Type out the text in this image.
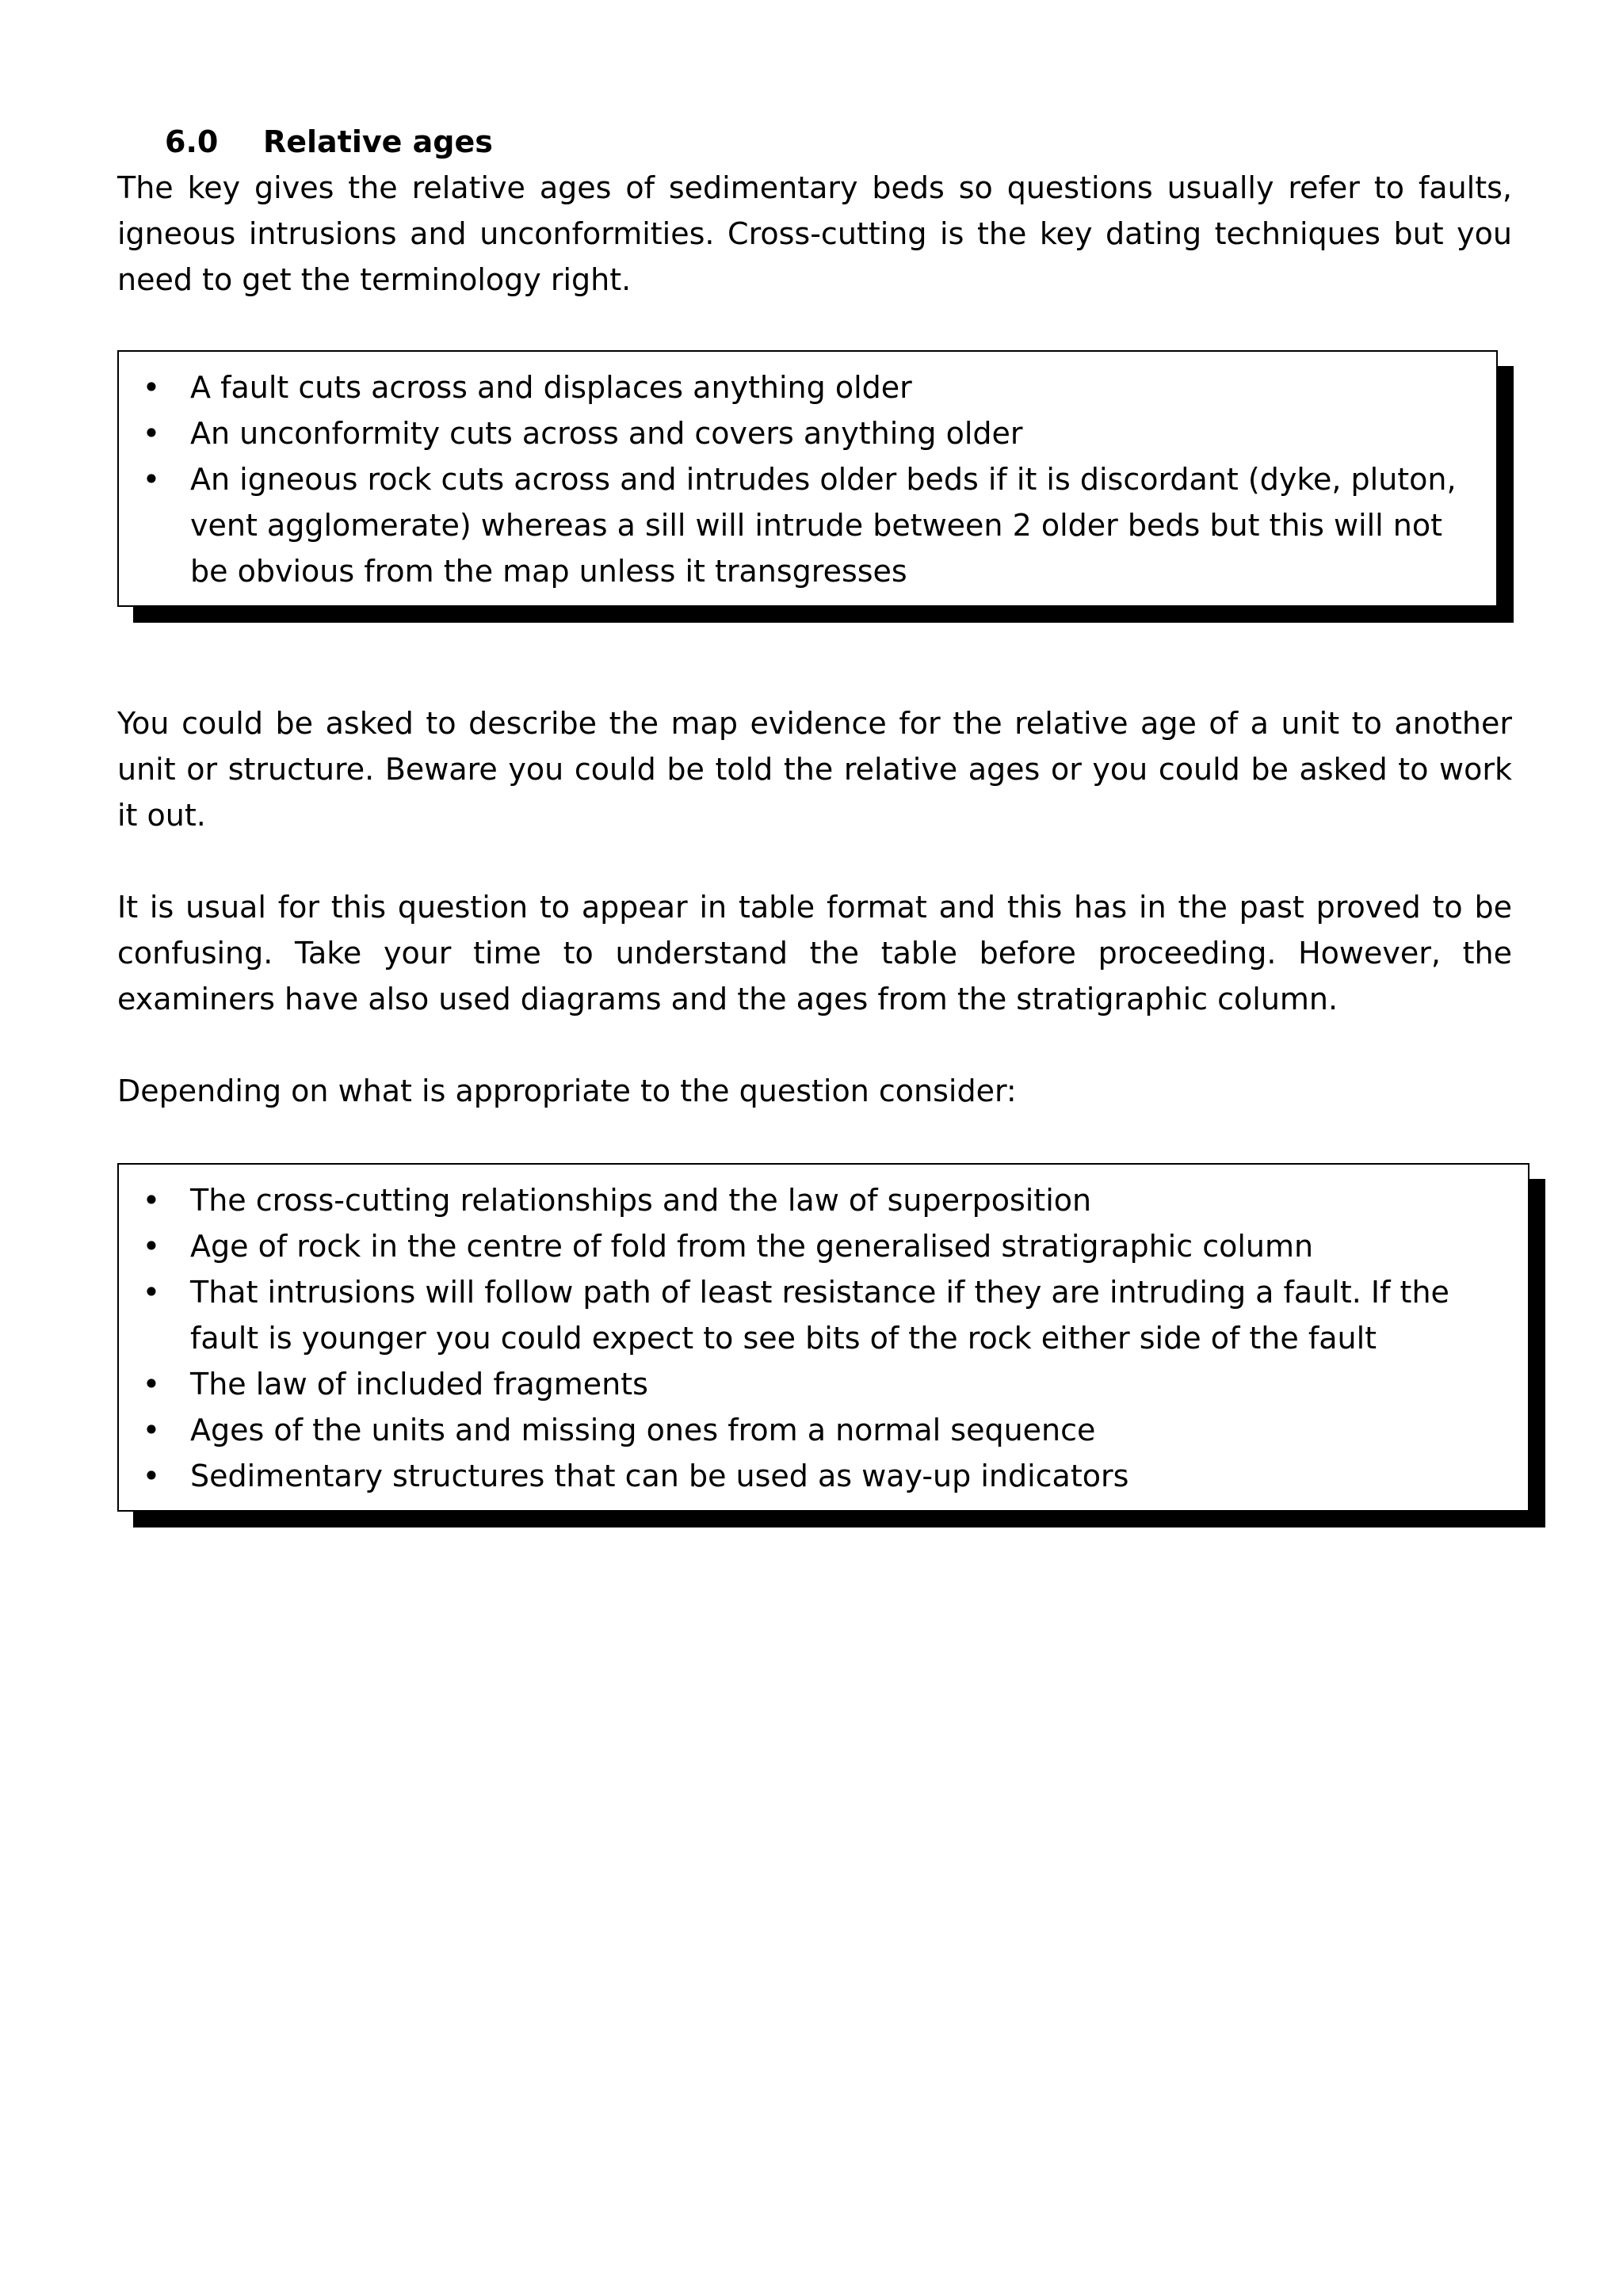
6.0 Relative ages

The key gives the relative ages of sedimentary beds so questions usually refer to faults, igneous intrusions and unconformities. Cross-cutting is the key dating techniques but you need to get the terminology right.

• A fault cuts across and displaces anything older
• An unconformity cuts across and covers anything older
• An igneous rock cuts across and intrudes older beds if it is discordant (dyke, pluton, vent agglomerate) whereas a sill will intrude between 2 older beds but this will not be obvious from the map unless it transgresses

You could be asked to describe the map evidence for the relative age of a unit to another unit or structure. Beware you could be told the relative ages or you could be asked to work it out.

It is usual for this question to appear in table format and this has in the past proved to be confusing. Take your time to understand the table before proceeding. However, the examiners have also used diagrams and the ages from the stratigraphic column.

Depending on what is appropriate to the question consider:

• The cross-cutting relationships and the law of superposition
• Age of rock in the centre of fold from the generalised stratigraphic column
• That intrusions will follow path of least resistance if they are intruding a fault. If the fault is younger you could expect to see bits of the rock either side of the fault
• The law of included fragments
• Ages of the units and missing ones from a normal sequence
• Sedimentary structures that can be used as way-up indicators
